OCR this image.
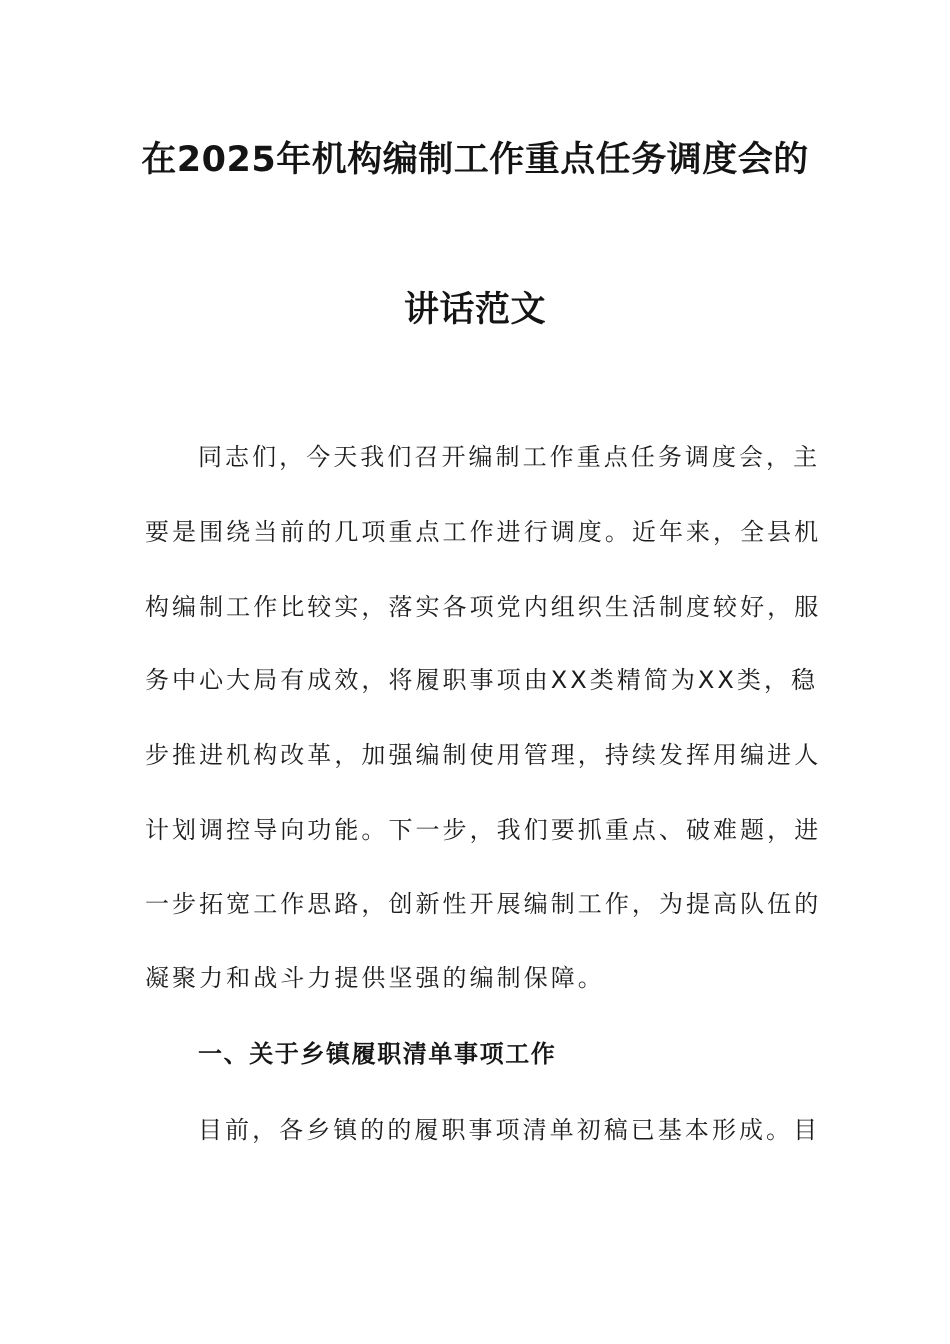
在2025年机构编制工作重点任务调度会的
讲话范文
同志们，今天我们召开编制工作重点任务调度会，主
要是围绕当前的几项重点工作进行调度。近年来，全县机
构编制工作比较实，落实各项党内组织生活制度较好，服
务中心大局有成效，将履职事项由XX类精简为XX类，稳
步推进机构改革，加强编制使用管理，持续发挥用编进人
计划调控导向功能。下一步，我们要抓重点、破难题，进
一步拓宽工作思路，创新性开展编制工作，为提高队伍的
凝聚力和战斗力提供坚强的编制保障。
一、关于乡镇履职清单事项工作
目前，各乡镇的的履职事项清单初稿已基本形成。目
